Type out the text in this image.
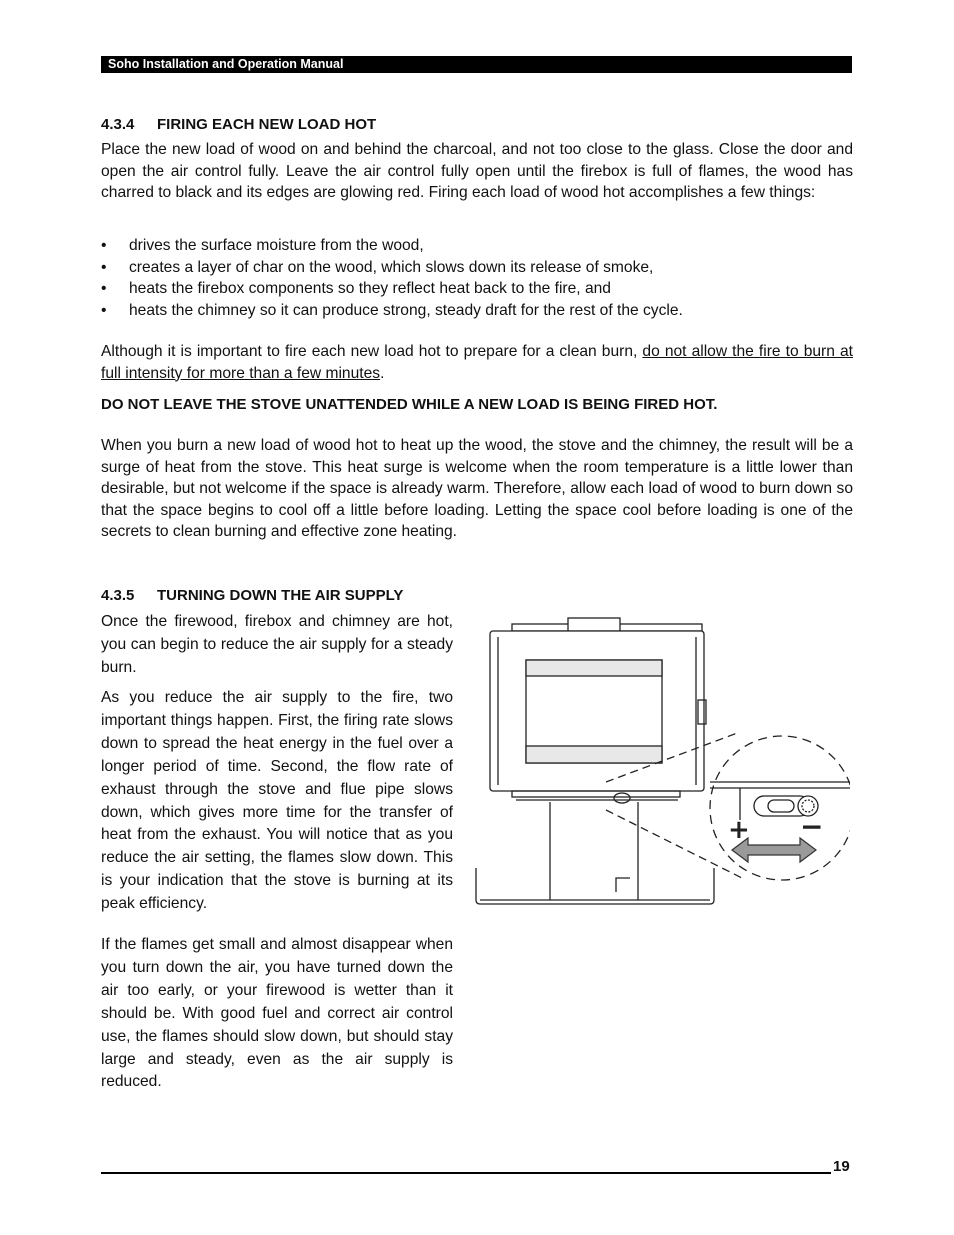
Soho Installation and Operation Manual
4.3.4 FIRING EACH NEW LOAD HOT

Place the new load of wood on and behind the charcoal, and not too close to the glass. Close the door and open the air control fully. Leave the air control fully open until the firebox is full of flames, the wood has charred to black and its edges are glowing red. Firing each load of wood hot accomplishes a few things:

• drives the surface moisture from the wood,
• creates a layer of char on the wood, which slows down its release of smoke,
• heats the firebox components so they reflect heat back to the fire, and
• heats the chimney so it can produce strong, steady draft for the rest of the cycle.

Although it is important to fire each new load hot to prepare for a clean burn, do not allow the fire to burn at full intensity for more than a few minutes.

DO NOT LEAVE THE STOVE UNATTENDED WHILE A NEW LOAD IS BEING FIRED HOT.

When you burn a new load of wood hot to heat up the wood, the stove and the chimney, the result will be a surge of heat from the stove. This heat surge is welcome when the room temperature is a little lower than desirable, but not welcome if the space is already warm. Therefore, allow each load of wood to burn down so that the space begins to cool off a little before loading. Letting the space cool before loading is one of the secrets to clean burning and effective zone heating.

4.3.5 TURNING DOWN THE AIR SUPPLY

Once the firewood, firebox and chimney are hot, you can begin to reduce the air supply for a steady burn.

As you reduce the air supply to the fire, two important things happen. First, the firing rate slows down to spread the heat energy in the fuel over a longer period of time. Second, the flow rate of exhaust through the stove and flue pipe slows down, which gives more time for the transfer of heat from the exhaust. You will notice that as you reduce the air setting, the flames slow down. This is your indication that the stove is burning at its peak efficiency.

If the flames get small and almost disappear when you turn down the air, you have turned down the air too early, or your firewood is wetter than it should be. With good fuel and correct air control use, the flames should slow down, but should stay large and steady, even as the air supply is reduced.

+ −
19
